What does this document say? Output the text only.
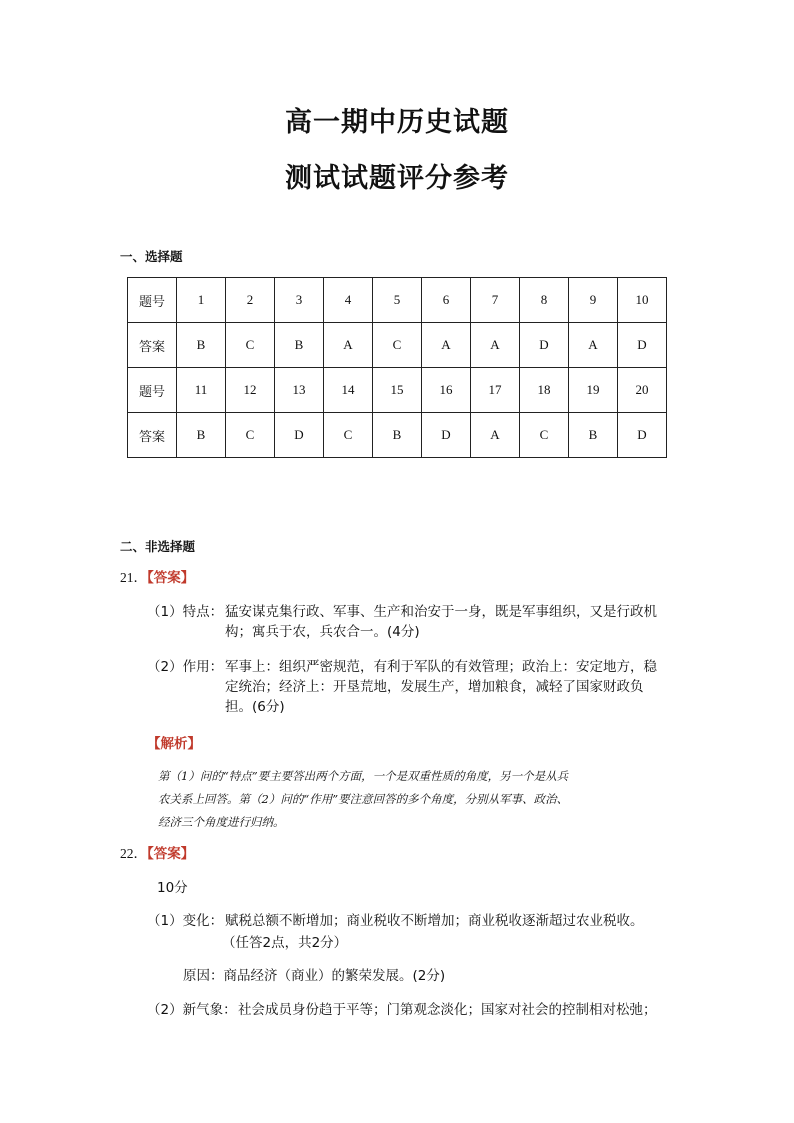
高一期中历史试题
测试试题评分参考
一、选择题
题号	1	2	3	4	5	6	7	8	9	10
答案	B	C	B	A	C	A	A	D	A	D
题号	11	12	13	14	15	16	17	18	19	20
答案	B	C	D	C	B	D	A	C	B	D
二、非选择题
21．【答案】
（1）特点： 猛安谋克集行政、军事、生产和治安于一身，既是军事组织，又是行政机
构；寓兵于农，兵农合一。(4分)
（2）作用： 军事上：组织严密规范，有利于军队的有效管理；政治上：安定地方，稳
定统治；经济上：开垦荒地，发展生产，增加粮食，减轻了国家财政负
担。(6分)
【解析】
第（1）问的“特点”要主要答出两个方面，一个是双重性质的角度，另一个是从兵
农关系上回答。第（2）问的“作用”要注意回答的多个角度，分别从军事、政治、
经济三个角度进行归纳。
22．【答案】
10分
（1）变化： 赋税总额不断增加；商业税收不断增加；商业税收逐渐超过农业税收。
（任答2点，共2分）
原因：商品经济（商业）的繁荣发展。(2分)
（2）新气象： 社会成员身份趋于平等；门第观念淡化；国家对社会的控制相对松弛；
